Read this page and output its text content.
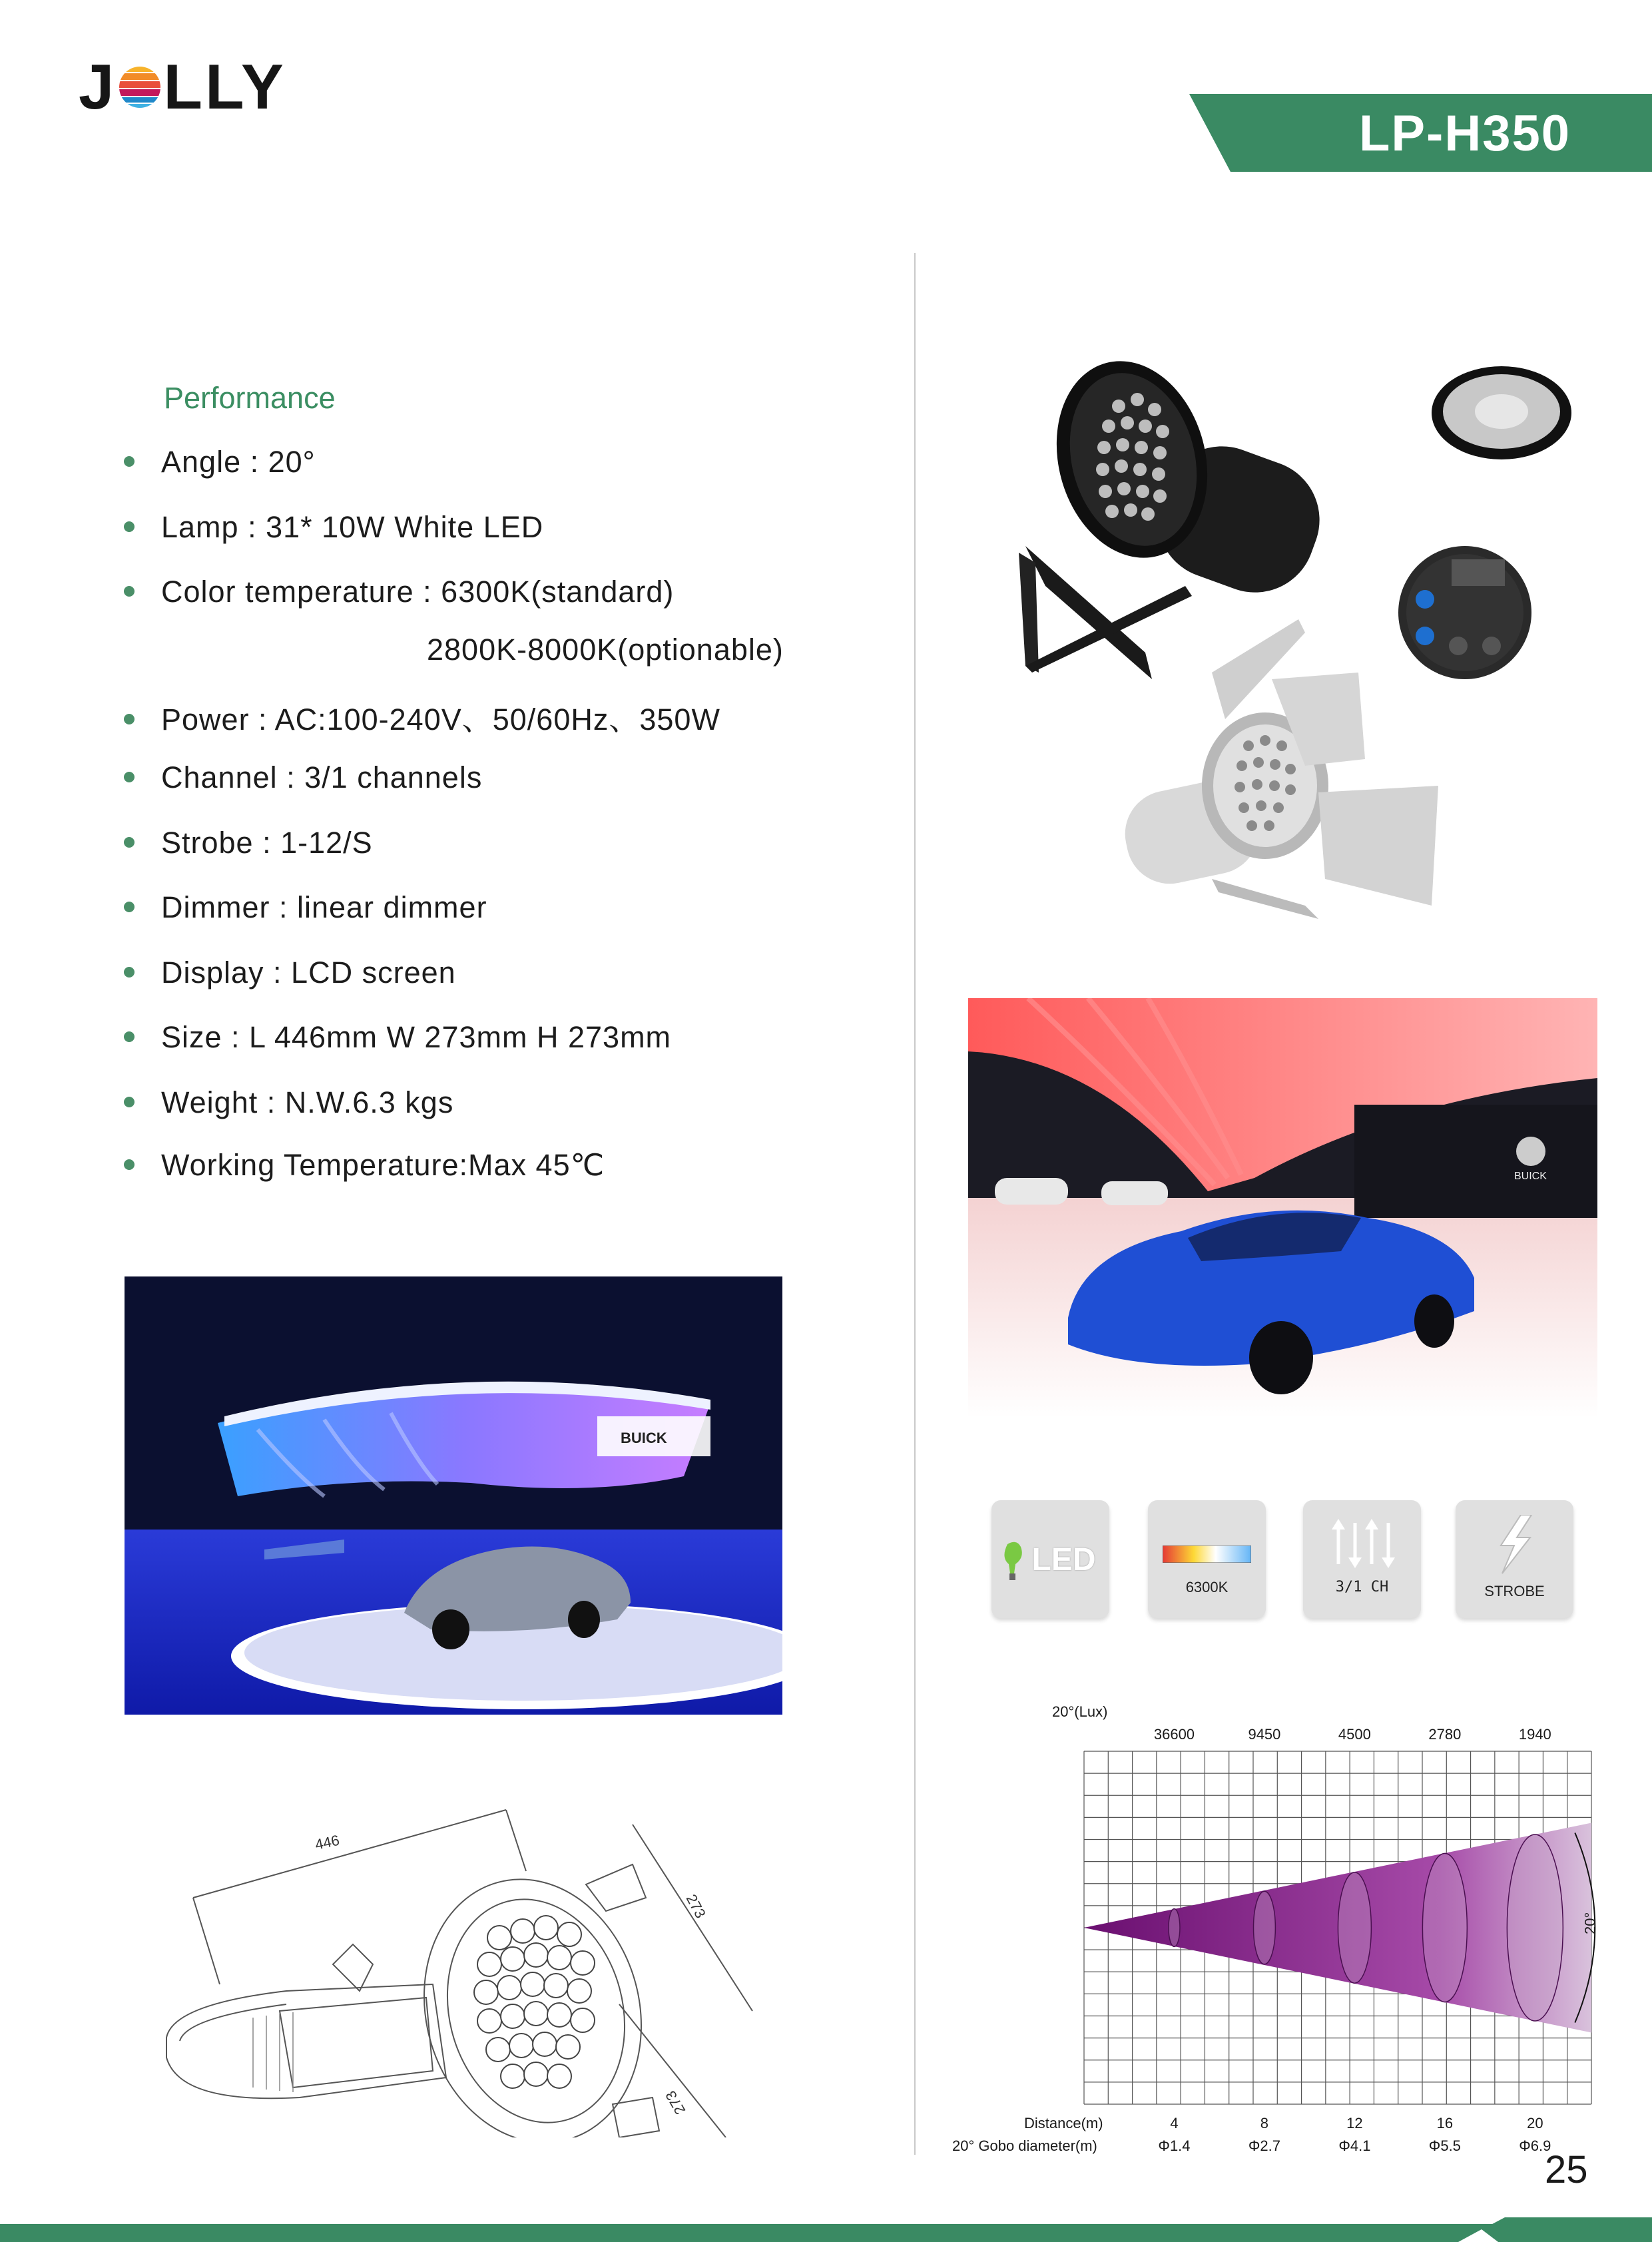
J LLY
LP-H350
Performance
Angle : 20°
Lamp : 31* 10W White LED
Color temperature : 6300K(standard)
2800K-8000K(optionable)
Power : AC:100-240V、50/60Hz、350W
Channel : 3/1 channels
Strobe : 1-12/S
Dimmer : linear dimmer
Display : LCD screen
Size : L 446mm W 273mm H 273mm
Weight : N.W.6.3 kgs
Working Temperature:Max 45℃	BUICK
LED
6300K	3/1 CH	STROBE
BUICK
446
273
273
20°(Lux)
20°
36600	9450	4500	2780	1940
4	8	12	16	20
Φ1.4	Φ2.7	Φ4.1	Φ5.5	Φ6.9
Distance(m)
20° Gobo diameter(m)
25
